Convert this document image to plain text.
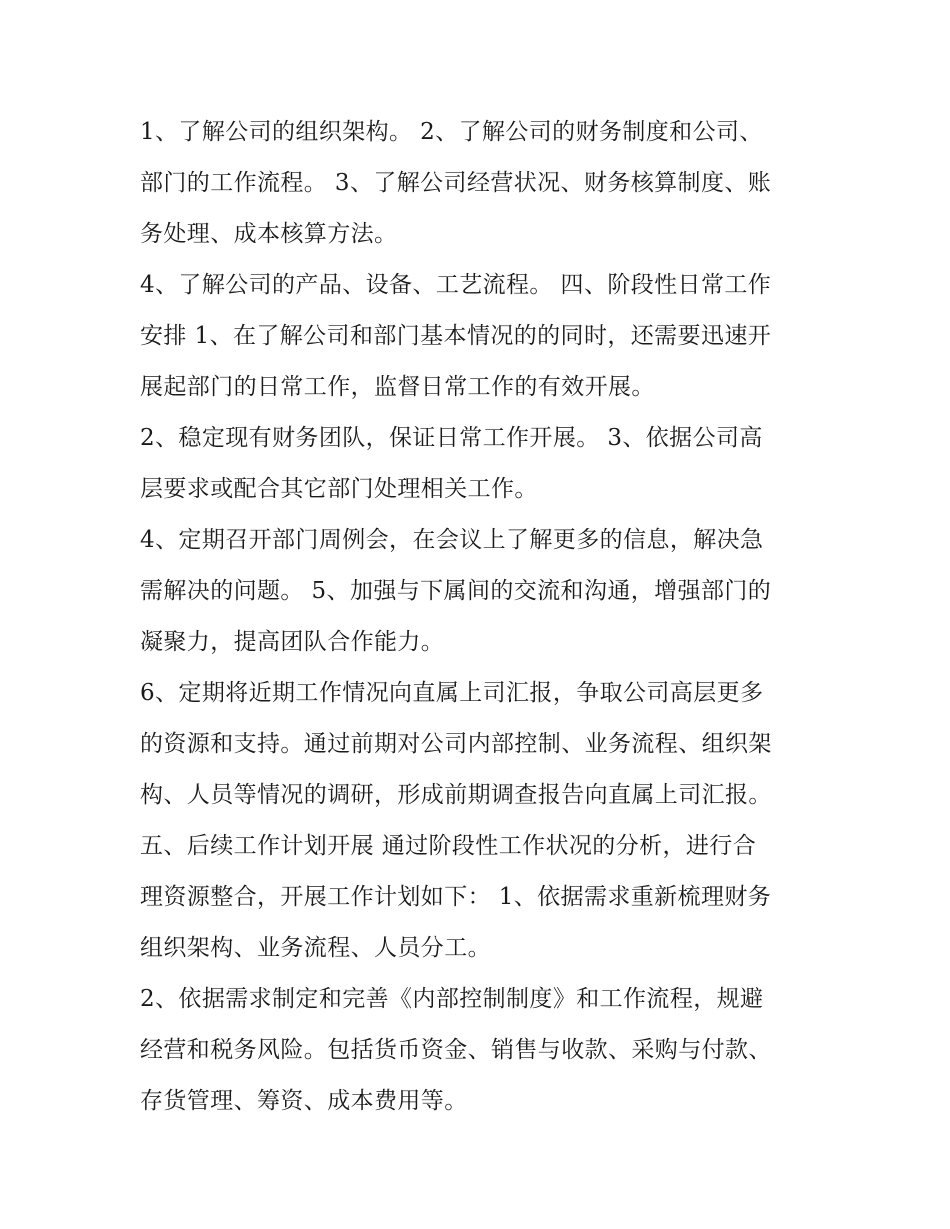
1、了解公司的组织架构。 2、了解公司的财务制度和公司、
部门的工作流程。 3、了解公司经营状况、财务核算制度、账
务处理、成本核算方法。
4、了解公司的产品、设备、工艺流程。 四、阶段性日常工作
安排 1、在了解公司和部门基本情况的的同时，还需要迅速开
展起部门的日常工作，监督日常工作的有效开展。
2、稳定现有财务团队，保证日常工作开展。 3、依据公司高
层要求或配合其它部门处理相关工作。
4、定期召开部门周例会，在会议上了解更多的信息，解决急
需解决的问题。 5、加强与下属间的交流和沟通，增强部门的
凝聚力，提高团队合作能力。
6、定期将近期工作情况向直属上司汇报，争取公司高层更多
的资源和支持。通过前期对公司内部控制、业务流程、组织架
构、人员等情况的调研，形成前期调查报告向直属上司汇报。
五、后续工作计划开展 通过阶段性工作状况的分析，进行合
理资源整合，开展工作计划如下： 1、依据需求重新梳理财务
组织架构、业务流程、人员分工。
2、依据需求制定和完善《内部控制制度》和工作流程，规避
经营和税务风险。包括货币资金、销售与收款、采购与付款、
存货管理、筹资、成本费用等。
